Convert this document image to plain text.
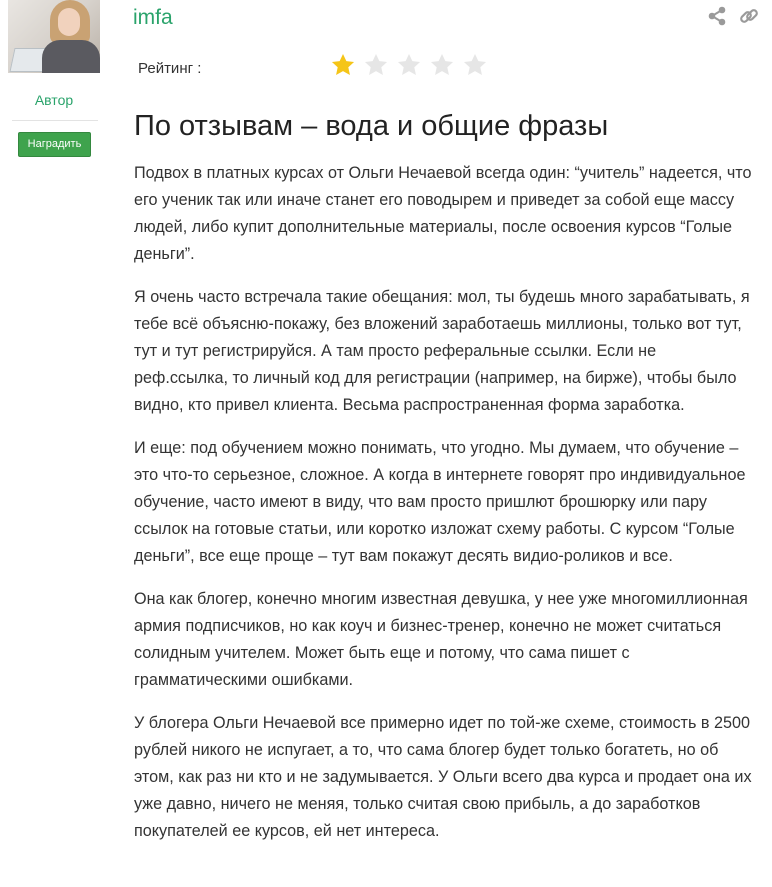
Автор
Наградить
imfa
Рейтинг :
По отзывам – вода и общие фразы

Подвох в платных курсах от Ольги Нечаевой всегда один: “учитель” надеется, что его ученик так или иначе станет его поводырем и приведет за собой еще массу людей, либо купит дополнительные материалы, после освоения курсов “Голые деньги”.

Я очень часто встречала такие обещания: мол, ты будешь много зарабатывать, я тебе всё объясню-покажу, без вложений заработаешь миллионы, только вот тут, тут и тут регистрируйся. А там просто реферальные ссылки. Если не реф.ссылка, то личный код для регистрации (например, на бирже), чтобы было видно, кто привел клиента. Весьма распространенная форма заработка.

И еще: под обучением можно понимать, что угодно. Мы думаем, что обучение – это что-то серьезное, сложное. А когда в интернете говорят про индивидуальное обучение, часто имеют в виду, что вам просто пришлют брошюрку или пару ссылок на готовые статьи, или коротко изложат схему работы. С курсом “Голые деньги”, все еще проще – тут вам покажут десять видио-роликов и все.

Она как блогер, конечно многим известная девушка, у нее уже многомиллионная армия подписчиков, но как коуч и бизнес-тренер, конечно не может считаться солидным учителем. Может быть еще и потому, что сама пишет с грамматическими ошибками.

У блогера Ольги Нечаевой все примерно идет по той-же схеме, стоимость в 2500 рублей никого не испугает, а то, что сама блогер будет только богатеть, но об этом, как раз ни кто и не задумывается. У Ольги всего два курса и продает она их уже давно, ничего не меняя, только считая свою прибыль, а до заработков покупателей ее курсов, ей нет интереса.
